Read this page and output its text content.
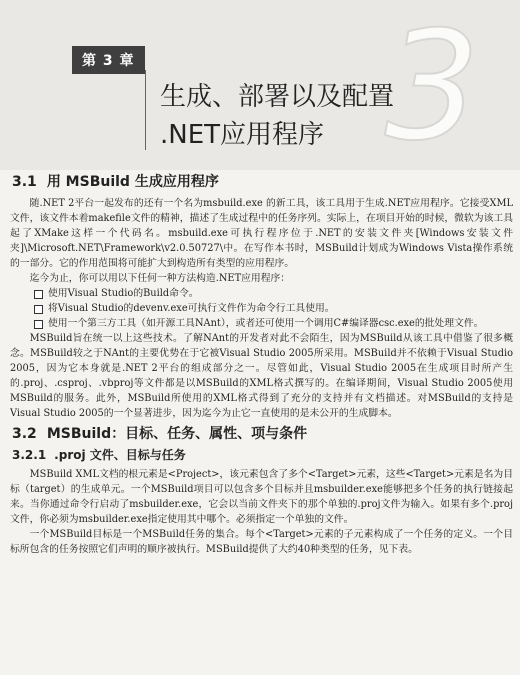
3
第 3 章
生成、部署以及配置
.NET应用程序
3.1 用 MSBuild 生成应用程序

随.NET 2平台一起发布的还有一个名为msbuild.exe 的新工具，该工具用于生成.NET应用程序。它接受XML文件，该文件本着makefile文件的精神，描述了生成过程中的任务序列。实际上，在项目开始的时候，微软为该工具起了XMake这样一个代码名。msbuild.exe可执行程序位于.NET的安装文件夹[Windows安装文件夹]\Microsoft.NET\Framework\v2.0.50727\中。在写作本书时，MSBuild计划成为Windows Vista操作系统的一部分。它的作用范围将可能扩大到构造所有类型的应用程序。

迄今为止，你可以用以下任何一种方法构造.NET应用程序：

使用Visual Studio的Build命令。
将Visual Studio的devenv.exe可执行文件作为命令行工具使用。
使用一个第三方工具（如开源工具NAnt），或者还可使用一个调用C#编译器csc.exe的批处理文件。

MSBuild旨在统一以上这些技术。了解NAnt的开发者对此不会陌生，因为MSBuild从该工具中借鉴了很多概念。MSBuild较之于NAnt的主要优势在于它被Visual Studio 2005所采用。MSBuild并不依赖于Visual Studio 2005，因为它本身就是.NET 2平台的组成部分之一。尽管如此，Visual Studio 2005在生成项目时所产生的.proj、.csproj、.vbproj等文件都是以MSBuild的XML格式撰写的。在编译期间，Visual Studio 2005使用MSBuild的服务。此外，MSBuild所使用的XML格式得到了充分的支持并有文档描述。对MSBuild的支持是Visual Studio 2005的一个显著进步，因为迄今为止它一直使用的是未公开的生成脚本。

3.2 MSBuild：目标、任务、属性、项与条件
3.2.1 .proj 文件、目标与任务

MSBuild XML文档的根元素是<Project>，该元素包含了多个<Target>元素，这些<Target>元素是名为目标（target）的生成单元。一个MSBuild项目可以包含多个目标并且msbuilder.exe能够把多个任务的执行链接起来。当你通过命令行启动了msbuilder.exe，它会以当前文件夹下的那个单独的.proj文件为输入。如果有多个.proj文件，你必须为msbuilder.exe指定使用其中哪个。必须指定一个单独的文件。

一个MSBuild目标是一个MSBuild任务的集合。每个<Target>元素的子元素构成了一个任务的定义。一个目标所包含的任务按照它们声明的顺序被执行。MSBuild提供了大约40种类型的任务，见下表。
